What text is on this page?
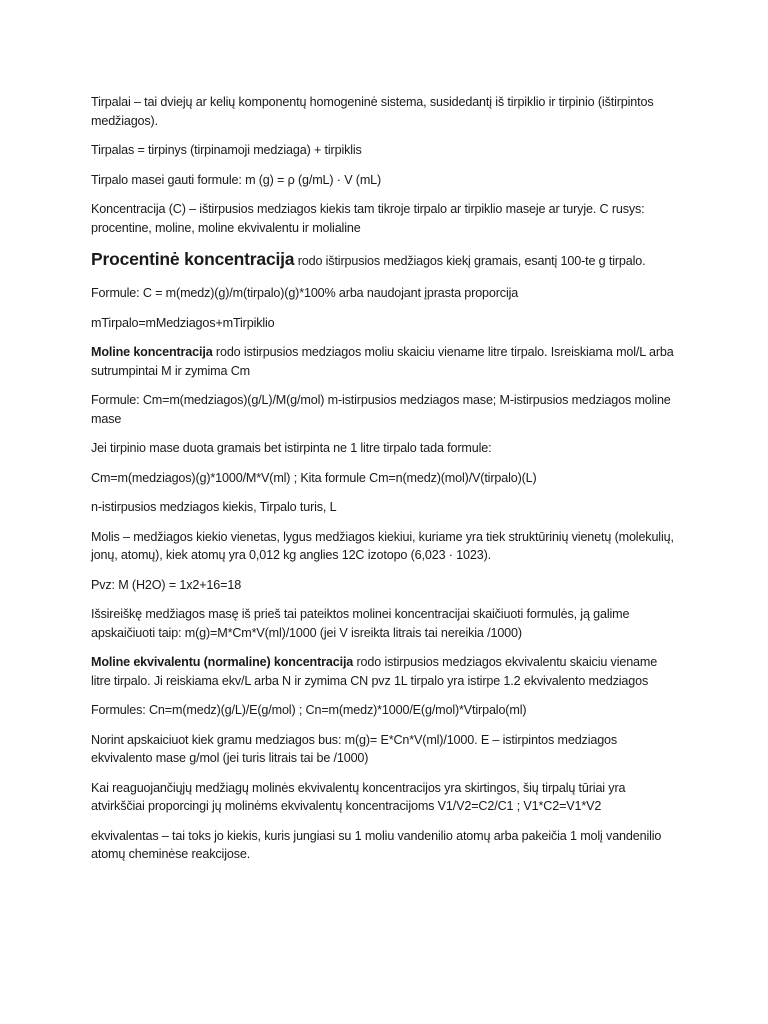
Tirpalai – tai dviejų ar kelių komponentų homogeninė sistema, susidedantį iš tirpiklio ir tirpinio (ištirpintos medžiagos).

Tirpalas = tirpinys (tirpinamoji medziaga) + tirpiklis

Tirpalo masei gauti formule: m (g) = ρ (g/mL) · V (mL)

Koncentracija (C) – ištirpusios medziagos kiekis tam tikroje tirpalo ar tirpiklio maseje ar turyje. C rusys: procentine, moline, moline ekvivalentu ir molialine

Procentinė koncentracija rodo ištirpusios medžiagos kiekį gramais, esantį 100-te g tirpalo.

Formule: C = m(medz)(g)/m(tirpalo)(g)*100% arba naudojant įprasta proporcija

mTirpalo=mMedziagos+mTirpiklio

Moline koncentracija rodo istirpusios medziagos moliu skaiciu viename litre tirpalo. Isreiskiama mol/L arba sutrumpintai M ir zymima Cm

Formule: Cm=m(medziagos)(g/L)/M(g/mol) m-istirpusios medziagos mase; M-istirpusios medziagos moline mase

Jei tirpinio mase duota gramais bet istirpinta ne 1 litre tirpalo tada formule:

Cm=m(medziagos)(g)*1000/M*V(ml) ; Kita formule Cm=n(medz)(mol)/V(tirpalo)(L)

n-istirpusios medziagos kiekis, Tirpalo turis, L

Molis – medžiagos kiekio vienetas, lygus medžiagos kiekiui, kuriame yra tiek struktūrinių vienetų (molekulių, jonų, atomų), kiek atomų yra 0,012 kg anglies 12C izotopo (6,023 · 1023).

Pvz: M (H2O) = 1x2+16=18

Išsireiškę medžiagos masę iš prieš tai pateiktos molinei koncentracijai skaičiuoti formulės, ją galime apskaičiuoti taip: m(g)=M*Cm*V(ml)/1000 (jei V isreikta litrais tai nereikia /1000)

Moline ekvivalentu (normaline) koncentracija rodo istirpusios medziagos ekvivalentu skaiciu viename litre tirpalo. Ji reiskiama ekv/L arba N ir zymima CN pvz 1L tirpalo yra istirpe 1.2 ekvivalento medziagos

Formules: Cn=m(medz)(g/L)/E(g/mol) ; Cn=m(medz)*1000/E(g/mol)*Vtirpalo(ml)

Norint apskaiciuot kiek gramu medziagos bus: m(g)= E*Cn*V(ml)/1000. E – istirpintos medziagos ekvivalento mase g/mol (jei turis litrais tai be /1000)

Kai reaguojančiųjų medžiagų molinės ekvivalentų koncentracijos yra skirtingos, šių tirpalų tūriai yra atvirkščiai proporcingi jų molinėms ekvivalentų koncentracijoms V1/V2=C2/C1 ; V1*C2=V1*V2

ekvivalentas – tai toks jo kiekis, kuris jungiasi su 1 moliu vandenilio atomų arba pakeičia 1 molį vandenilio atomų cheminėse reakcijose.
